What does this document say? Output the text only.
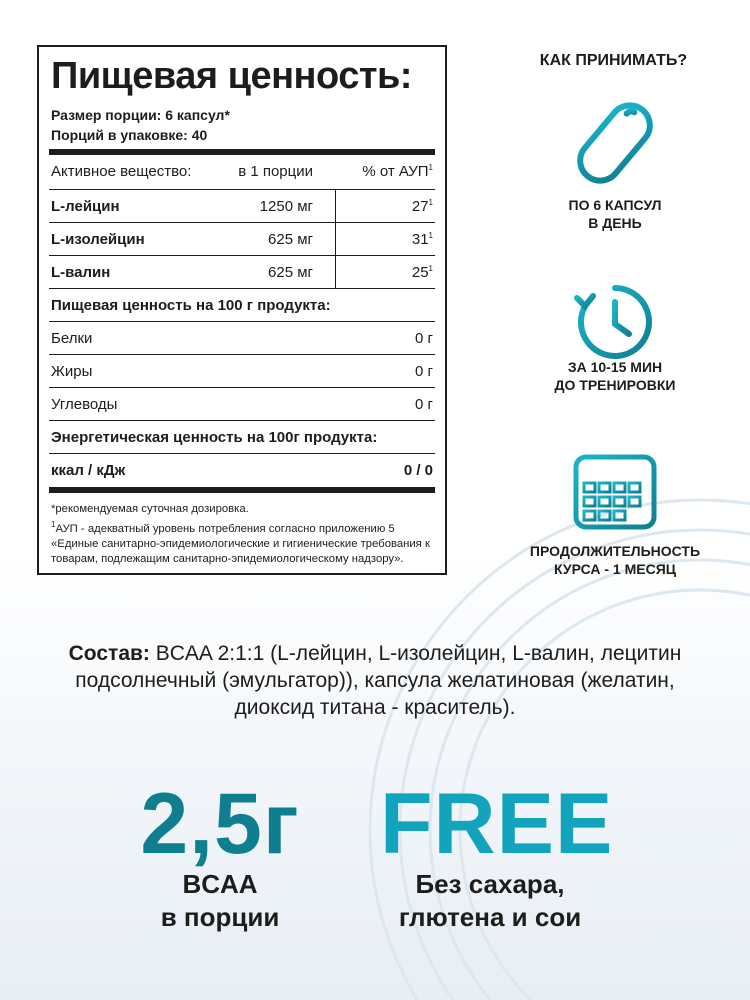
Пищевая ценность:
Размер порции: 6 капсул*
Порций в упаковке: 40
Активное вещество:	в 1 порции	% от АУП$^1$
L-лейцин	1250 мг	$27^1$
L-изолейцин	625 мг	$31^1$
L-валин	625 мг	$25^1$
Пищевая ценность на 100 г продукта:
Белки	0 г
Жиры	0 г
Углеводы	0 г
Энергетическая ценность на 100г продукта:
ккал / кДж	0 / 0
*рекомендуемая суточная дозировка.
$^1$АУП - адекватный уровень потребления согласно приложению 5 «Единые санитарно-эпидемиологические и гигиенические требования к товарам, подлежащим санитарно-эпидемиологическому надзору».
КАК ПРИНИМАТЬ?
ПО 6 КАПСУЛ
В ДЕНЬ
ЗА 10-15 МИН
ДО ТРЕНИРОВКИ
ПРОДОЛЖИТЕЛЬНОСТЬ
КУРСА - 1 МЕСЯЦ
Состав: BCAA 2:1:1 (L-лейцин, L-изолейцин, L-валин, лецитин подсолнечный (эмульгатор)), капсула желатиновая (желатин, диоксид титана - краситель).
2,5г FREE
BCAA
в порции
Без сахара,
глютена и сои
